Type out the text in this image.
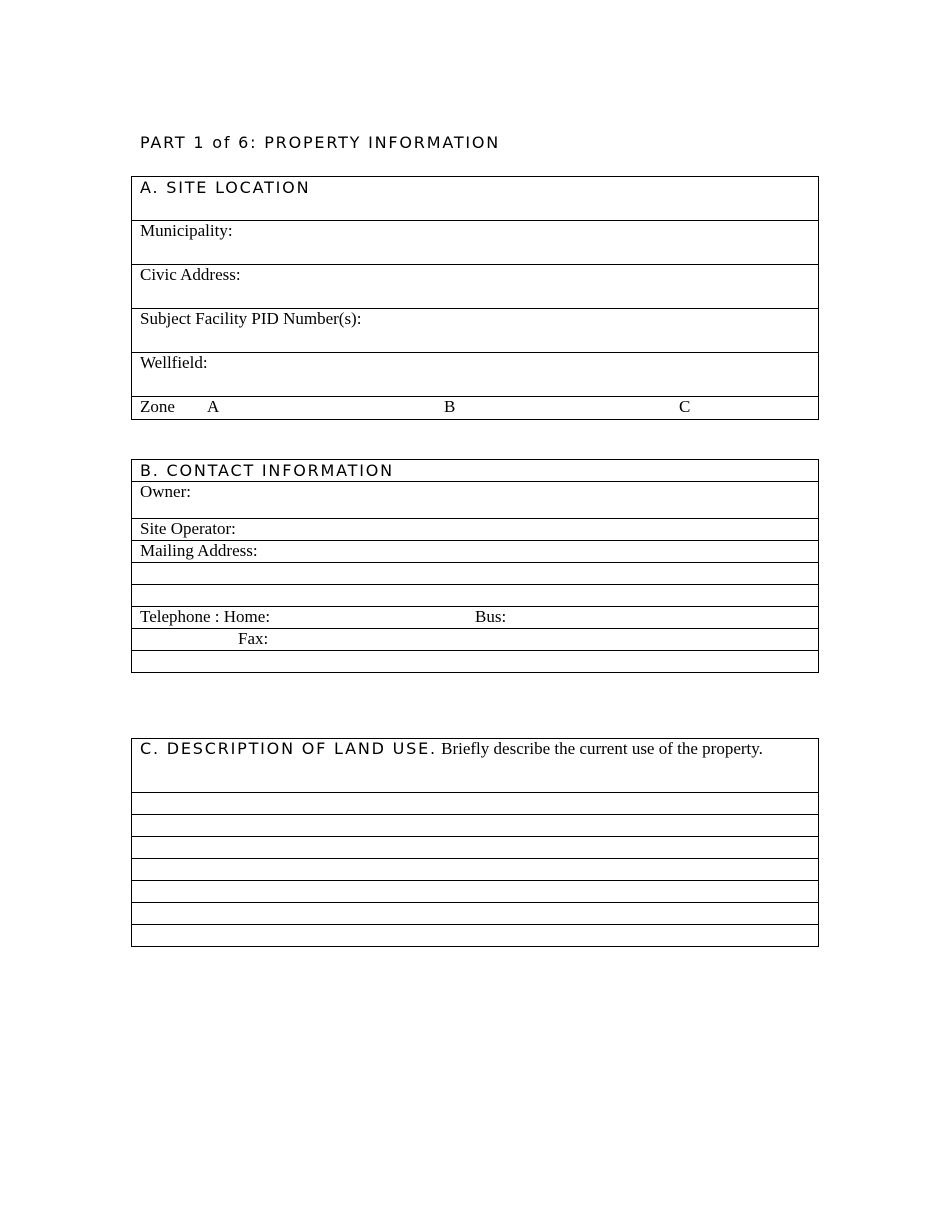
PART 1 of 6: PROPERTY INFORMATION
A. SITE LOCATION
Municipality:
Civic Address:
Subject Facility PID Number(s):
Wellfield:

Zone A	B	C
B. CONTACT INFORMATION
Owner:
Site Operator:
Mailing Address:

Telephone : Home:	Bus:

Fax:

C. DESCRIPTION OF LAND USE. Briefly describe the current use of the property.
